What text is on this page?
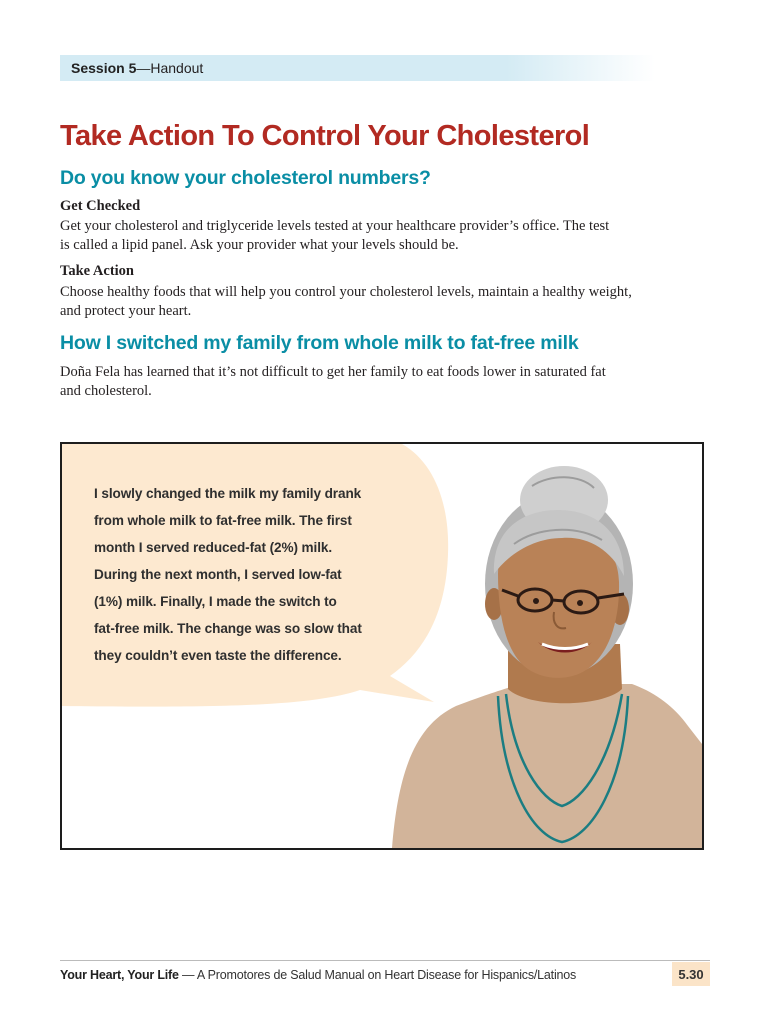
Session 5 — Handout
Take Action To Control Your Cholesterol
Do you know your cholesterol numbers?

Get Checked

Get your cholesterol and triglyceride levels tested at your healthcare provider’s office. The test
is called a lipid panel. Ask your provider what your levels should be.

Take Action

Choose healthy foods that will help you control your cholesterol levels, maintain a healthy weight,
and protect your heart.
How I switched my family from whole milk to fat-free milk
Doña Fela has learned that it’s not difficult to get her family to eat foods lower in saturated fat
and cholesterol.
I slowly changed the milk my family drank
from whole milk to fat-free milk. The first
month I served reduced-fat (2%) milk.
During the next month, I served low-fat
(1%) milk. Finally, I made the switch to
fat-free milk. The change was so slow that
they couldn’t even taste the difference.
Your Heart, Your Life — A Promotores de Salud Manual on Heart Disease for Hispanics/Latinos	5.30
